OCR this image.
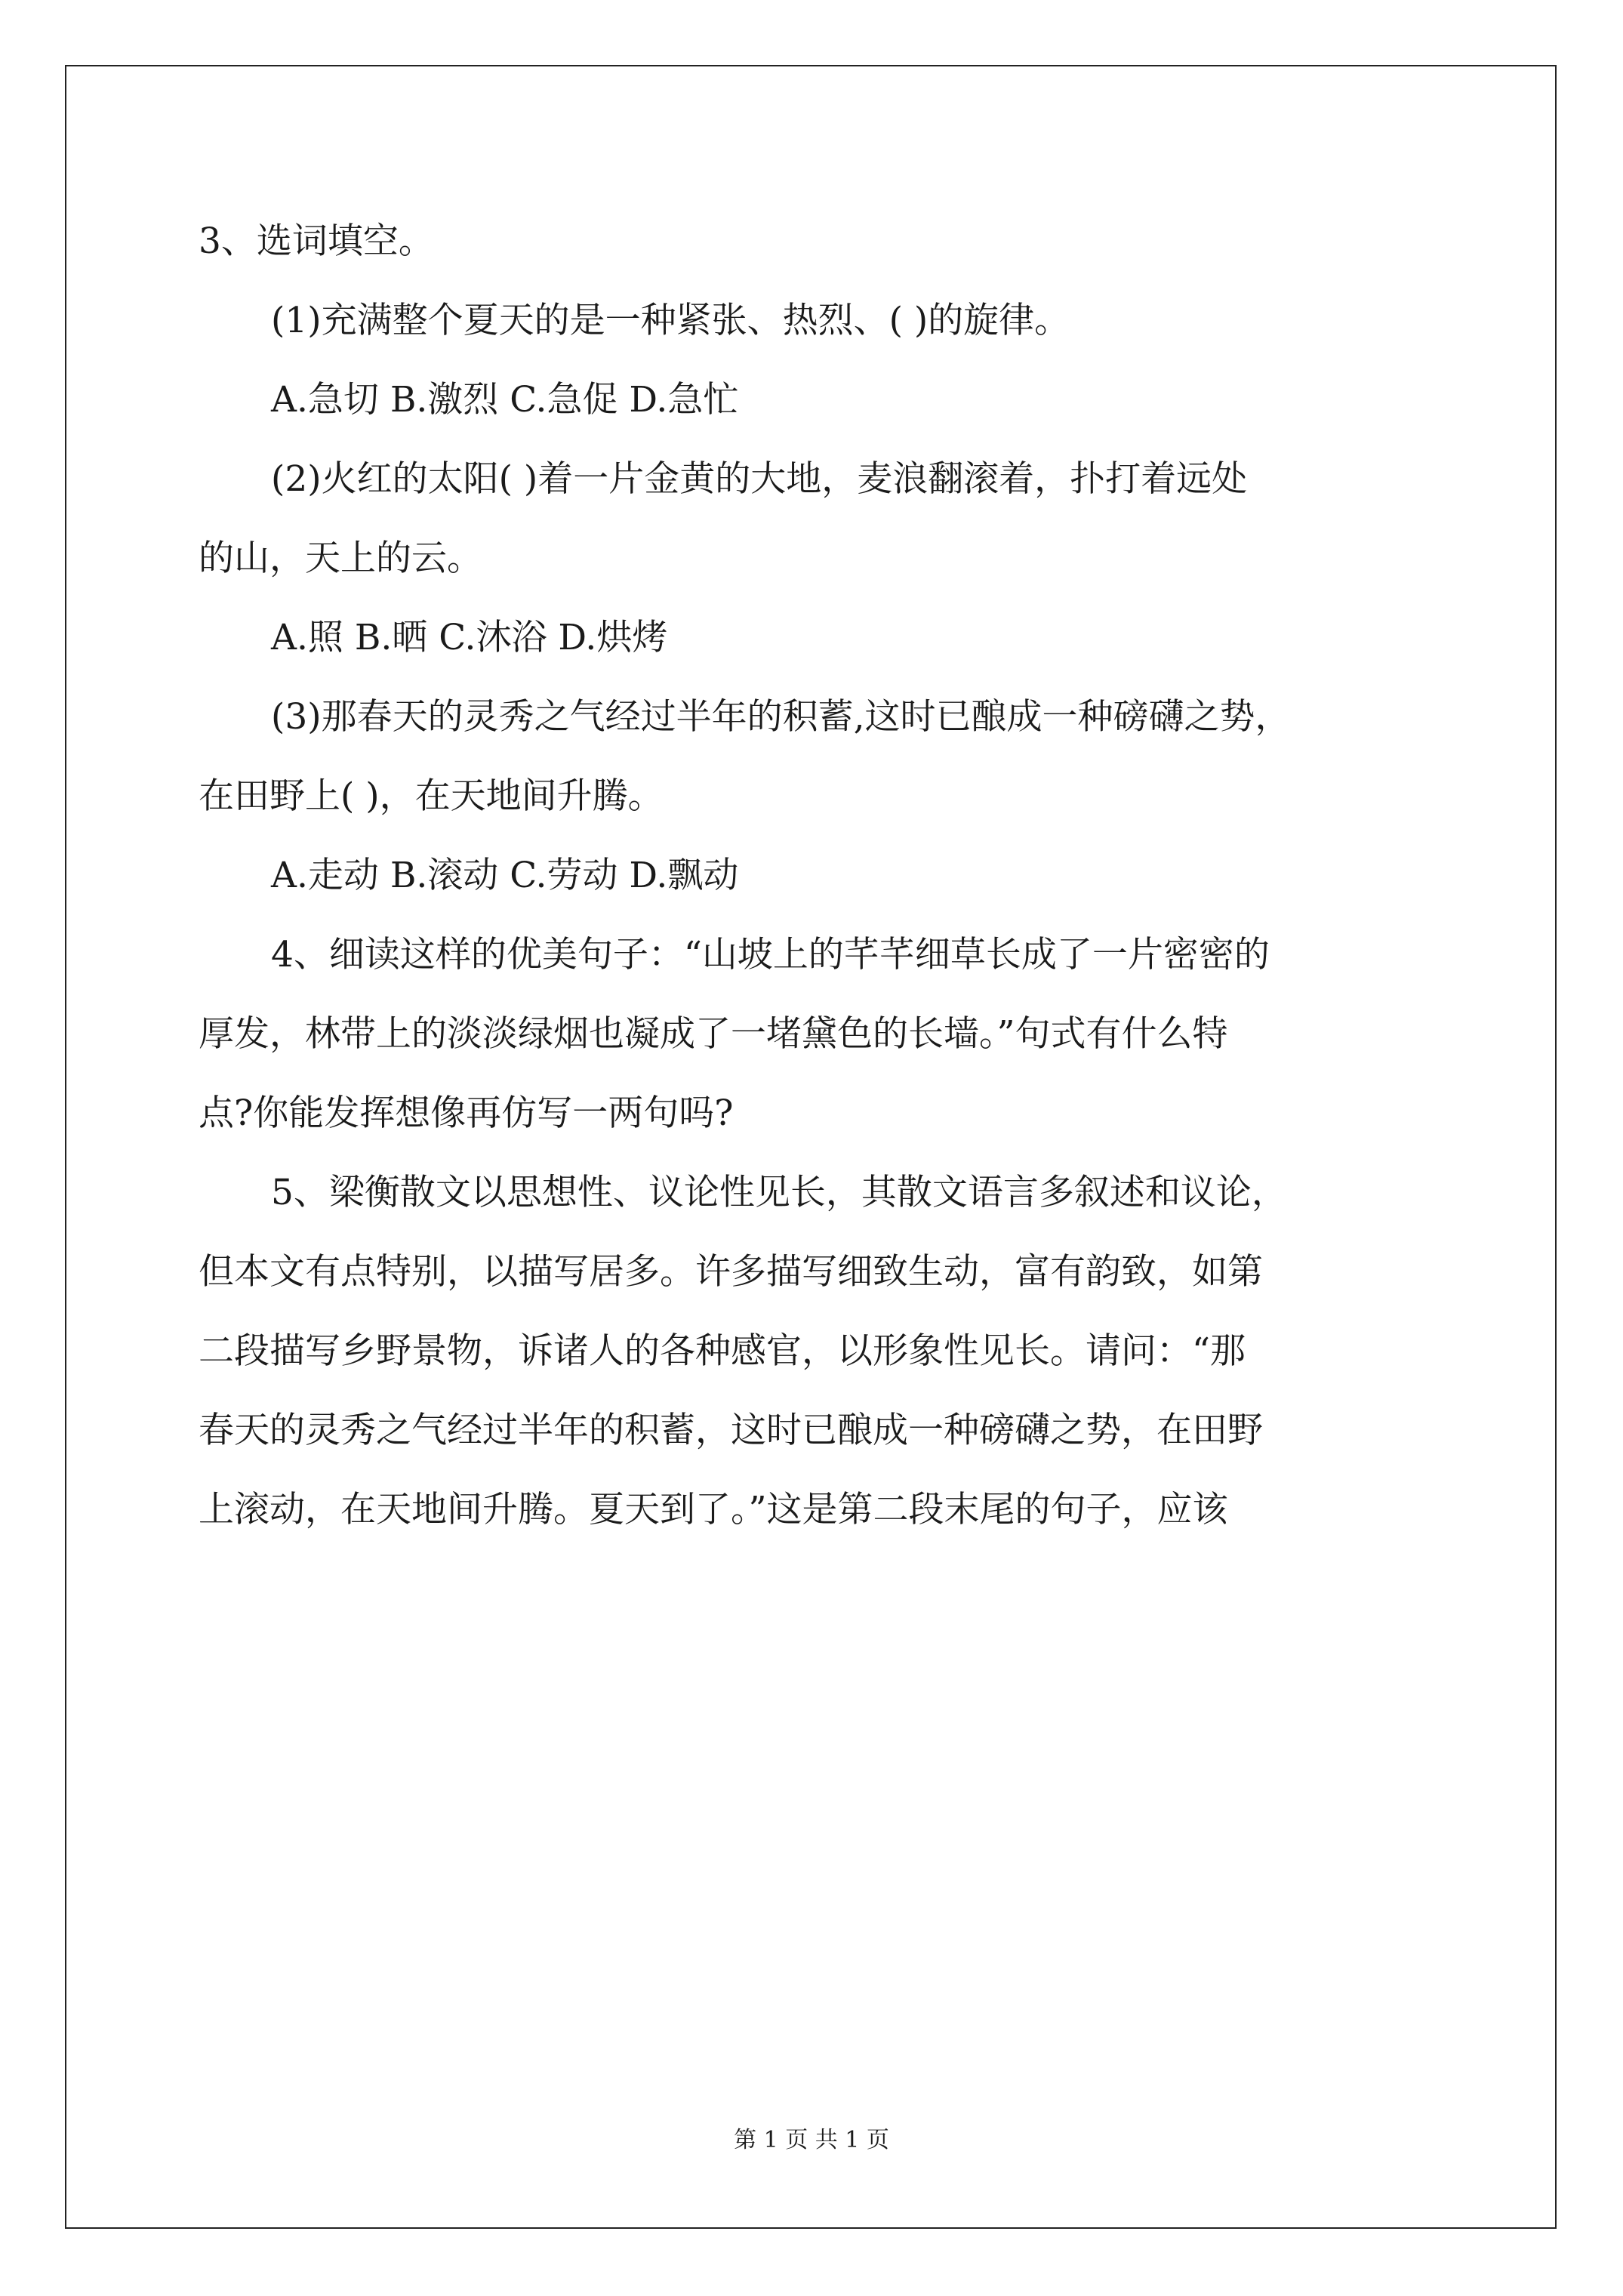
3、选词填空。
(1)充满整个夏天的是一种紧张、热烈、( )的旋律。
A.急切 B.激烈 C.急促 D.急忙
(2)火红的太阳( )着一片金黄的大地，麦浪翻滚着，扑打着远处
的山，天上的云。
A.照 B.晒 C.沐浴 D.烘烤
(3)那春天的灵秀之气经过半年的积蓄,这时已酿成一种磅礴之势，
在田野上( )，在天地间升腾。
A.走动 B.滚动 C.劳动 D.飘动
4、细读这样的优美句子：“山坡上的芊芊细草长成了一片密密的
厚发，林带上的淡淡绿烟也凝成了一堵黛色的长墙。”句式有什么特
点?你能发挥想像再仿写一两句吗?
5、梁衡散文以思想性、议论性见长，其散文语言多叙述和议论，
但本文有点特别，以描写居多。许多描写细致生动，富有韵致，如第
二段描写乡野景物，诉诸人的各种感官，以形象性见长。请问：“那
春天的灵秀之气经过半年的积蓄，这时已酿成一种磅礴之势，在田野
上滚动，在天地间升腾。夏天到了。”这是第二段末尾的句子，应该
第 1 页 共 1 页
